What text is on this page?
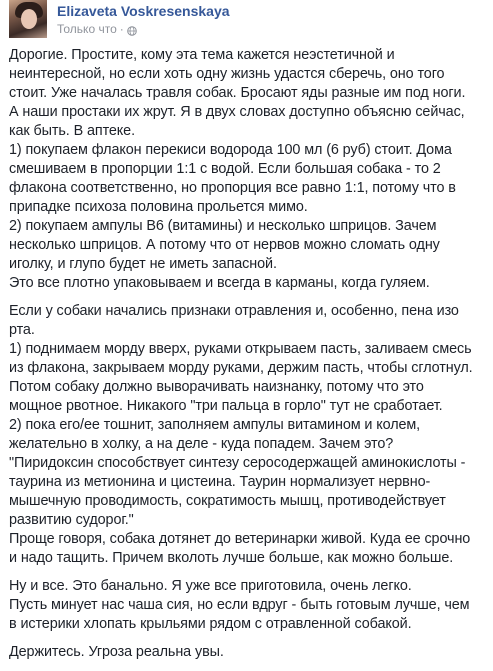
Elizaveta Voskresenskaya
Только что ·
Дорогие. Простите, кому эта тема кажется неэстетичной и
неинтересной, но если хоть одну жизнь удастся сберечь, оно того
стоит. Уже началась травля собак. Бросают яды разные им под ноги.
А наши простаки их жрут. Я в двух словах доступно объясню сейчас,
как быть. В аптеке.
1) покупаем флакон перекиси водорода 100 мл (6 руб) стоит. Дома
смешиваем в пропорции 1:1 с водой. Если большая собака - то 2
флакона соответственно, но пропорция все равно 1:1, потому что в
припадке психоза половина прольется мимо.
2) покупаем ампулы В6 (витамины) и несколько шприцов. Зачем
несколько шприцов. А потому что от нервов можно сломать одну
иголку, и глупо будет не иметь запасной.
Это все плотно упаковываем и всегда в карманы, когда гуляем.
Если у собаки начались признаки отравления и, особенно, пена изо
рта.
1) поднимаем морду вверх, руками открываем пасть, заливаем смесь
из флакона, закрываем морду руками, держим пасть, чтобы сглотнул.
Потом собаку должно выворачивать наизнанку, потому что это
мощное рвотное. Никакого "три пальца в горло" тут не сработает.
2) пока его/ее тошнит, заполняем ампулы витамином и колем,
желательно в холку, а на деле - куда попадем. Зачем это?
"Пиридоксин способствует синтезу серосодержащей аминокислоты -
таурина из метионина и цистеина. Таурин нормализует нервно-
мышечную проводимость, сократимость мышц, противодействует
развитию судорог."
Проще говоря, собака дотянет до ветеринарки живой. Куда ее срочно
и надо тащить. Причем вколоть лучше больше, как можно больше.
Ну и все. Это банально. Я уже все приготовила, очень легко.
Пусть минует нас чаша сия, но если вдруг - быть готовым лучше, чем
в истерики хлопать крыльями рядом с отравленной собакой.
Держитесь. Угроза реальна увы.
